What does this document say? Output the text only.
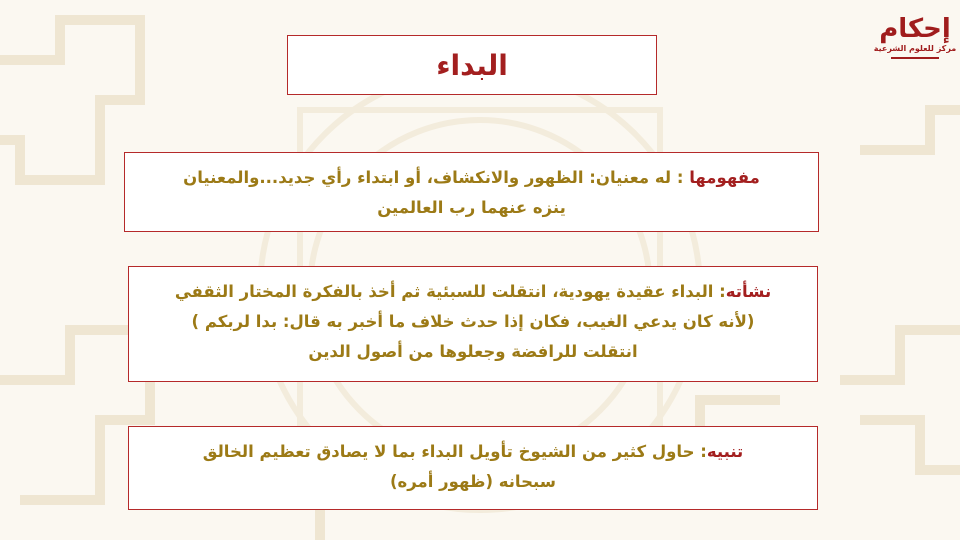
إحكام
مركز للعلوم الشرعية
البداء
مفهومها : له معنيان: الظهور والانكشاف، أو ابتداء رأي جديد...والمعنيان
ينزه عنهما رب العالمين
نشأته: البداء عقيدة يهودية، انتقلت للسبئية ثم أخذ بالفكرة المختار الثقفي
(لأنه كان يدعي الغيب، فكان إذا حدث خلاف ما أخبر به قال: بدا لربكم )
انتقلت للرافضة وجعلوها من أصول الدين
تنبيه: حاول كثير من الشيوخ تأويل البداء بما لا يصادق تعظيم الخالق
سبحانه (ظهور أمره)
